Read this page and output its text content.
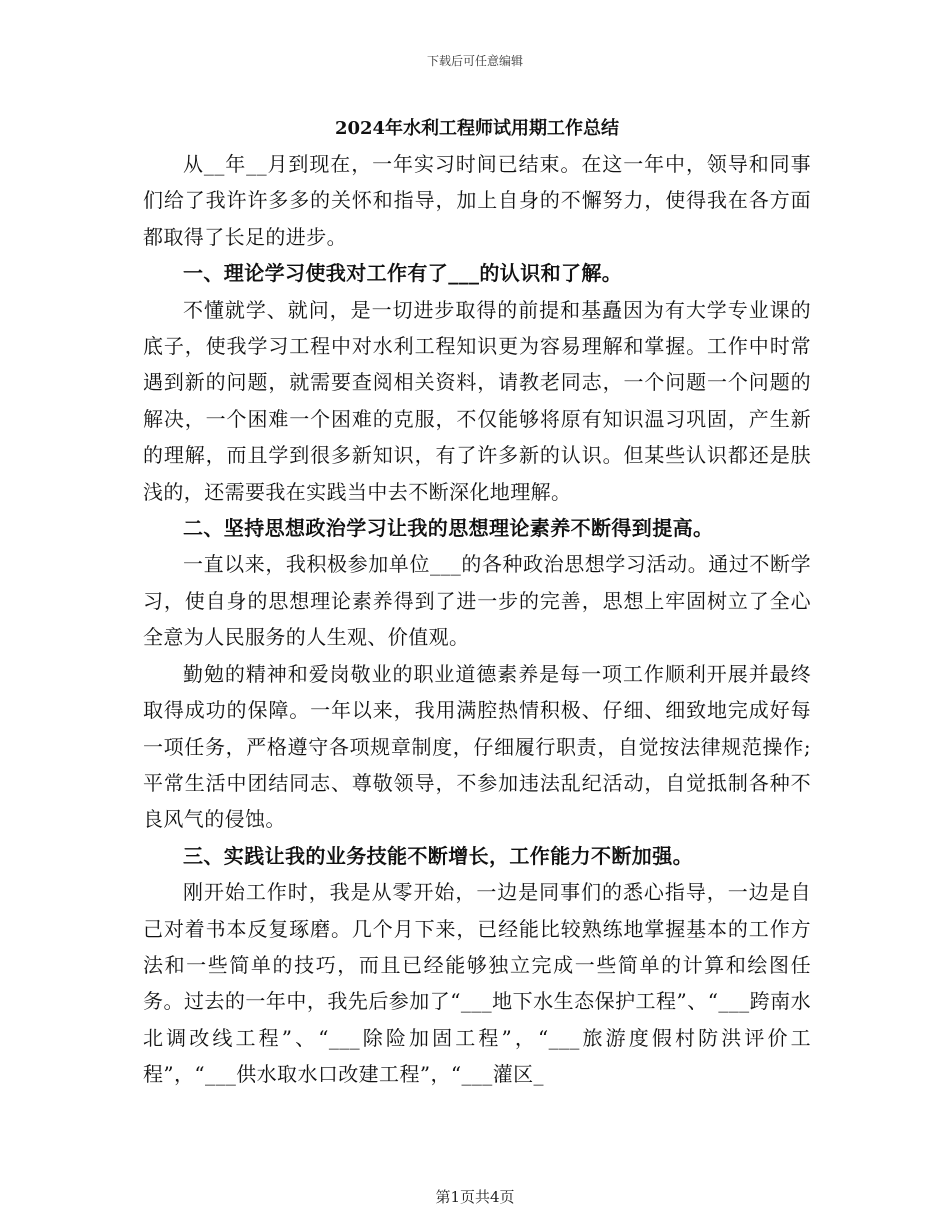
下载后可任意编辑
2024年水利工程师试用期工作总结

从__年__月到现在，一年实习时间已结束。在这一年中，领导和同事们给了我许许多多的关怀和指导，加上自身的不懈努力，使得我在各方面都取得了长足的进步。

一、理论学习使我对工作有了___的认识和了解。

不懂就学、就问，是一切进步取得的前提和基矗因为有大学专业课的底子，使我学习工程中对水利工程知识更为容易理解和掌握。工作中时常遇到新的问题，就需要查阅相关资料，请教老同志，一个问题一个问题的解决，一个困难一个困难的克服，不仅能够将原有知识温习巩固，产生新的理解，而且学到很多新知识，有了许多新的认识。但某些认识都还是肤浅的，还需要我在实践当中去不断深化地理解。

二、坚持思想政治学习让我的思想理论素养不断得到提高。

一直以来，我积极参加单位___的各种政治思想学习活动。通过不断学习，使自身的思想理论素养得到了进一步的完善，思想上牢固树立了全心全意为人民服务的人生观、价值观。

勤勉的精神和爱岗敬业的职业道德素养是每一项工作顺利开展并最终取得成功的保障。一年以来，我用满腔热情积极、仔细、细致地完成好每一项任务，严格遵守各项规章制度，仔细履行职责，自觉按法律规范操作;平常生活中团结同志、尊敬领导，不参加违法乱纪活动，自觉抵制各种不良风气的侵蚀。

三、实践让我的业务技能不断增长，工作能力不断加强。

刚开始工作时，我是从零开始，一边是同事们的悉心指导，一边是自己对着书本反复琢磨。几个月下来，已经能比较熟练地掌握基本的工作方法和一些简单的技巧，而且已经能够独立完成一些简单的计算和绘图任务。过去的一年中，我先后参加了“___地下水生态保护工程”、“___跨南水北调改线工程”、“___除险加固工程”，“___旅游度假村防洪评价工程”，“___供水取水口改建工程”，“___灌区_

第1页共4页
